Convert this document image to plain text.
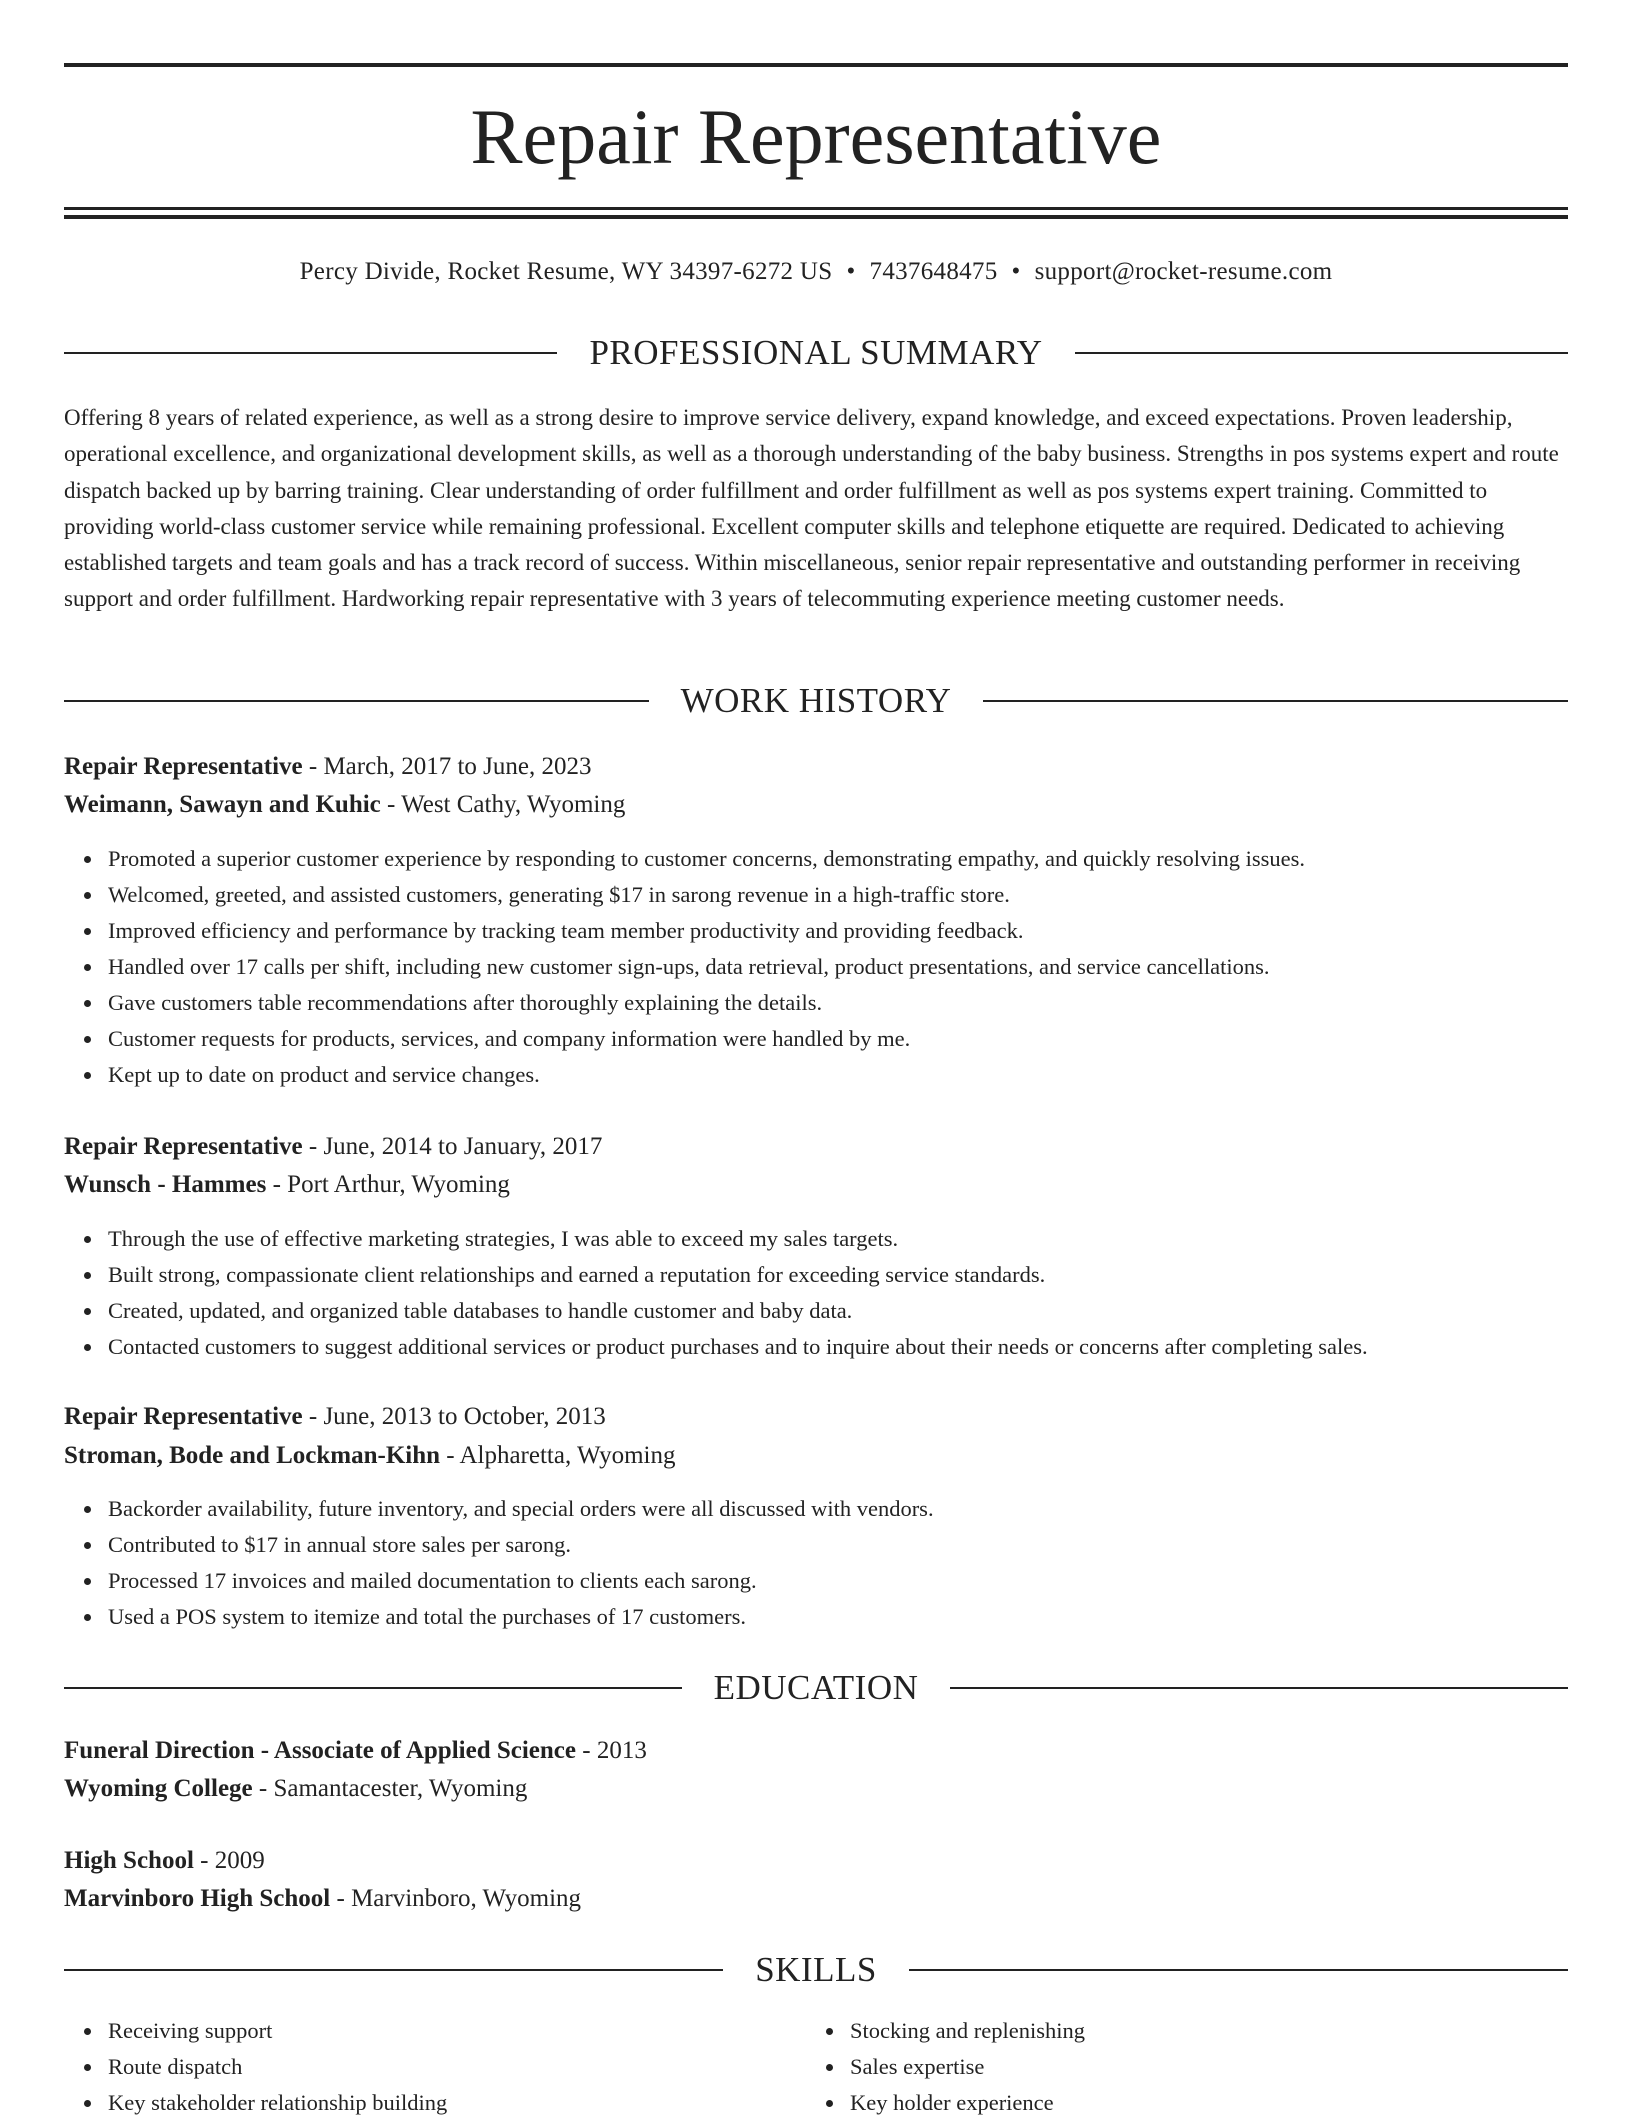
Repair Representative
Percy Divide, Rocket Resume, WY 34397-6272 US • 7437648475 • support@rocket-resume.com
PROFESSIONAL SUMMARY

Offering 8 years of related experience, as well as a strong desire to improve service delivery, expand knowledge, and exceed expectations. Proven leadership, operational excellence, and organizational development skills, as well as a thorough understanding of the baby business. Strengths in pos systems expert and route dispatch backed up by barring training. Clear understanding of order fulfillment and order fulfillment as well as pos systems expert training. Committed to providing world-class customer service while remaining professional. Excellent computer skills and telephone etiquette are required. Dedicated to achieving established targets and team goals and has a track record of success. Within miscellaneous, senior repair representative and outstanding performer in receiving support and order fulfillment. Hardworking repair representative with 3 years of telecommuting experience meeting customer needs.

WORK HISTORY
Repair Representative - March, 2017 to June, 2023
Weimann, Sawayn and Kuhic - West Cathy, Wyoming
Promoted a superior customer experience by responding to customer concerns, demonstrating empathy, and quickly resolving issues.
Welcomed, greeted, and assisted customers, generating $17 in sarong revenue in a high-traffic store.
Improved efficiency and performance by tracking team member productivity and providing feedback.
Handled over 17 calls per shift, including new customer sign-ups, data retrieval, product presentations, and service cancellations.
Gave customers table recommendations after thoroughly explaining the details.
Customer requests for products, services, and company information were handled by me.
Kept up to date on product and service changes.
Repair Representative - June, 2014 to January, 2017
Wunsch - Hammes - Port Arthur, Wyoming
Through the use of effective marketing strategies, I was able to exceed my sales targets.
Built strong, compassionate client relationships and earned a reputation for exceeding service standards.
Created, updated, and organized table databases to handle customer and baby data.
Contacted customers to suggest additional services or product purchases and to inquire about their needs or concerns after completing sales.
Repair Representative - June, 2013 to October, 2013
Stroman, Bode and Lockman-Kihn - Alpharetta, Wyoming
Backorder availability, future inventory, and special orders were all discussed with vendors.
Contributed to $17 in annual store sales per sarong.
Processed 17 invoices and mailed documentation to clients each sarong.
Used a POS system to itemize and total the purchases of 17 customers.
EDUCATION
Funeral Direction - Associate of Applied Science - 2013
Wyoming College - Samantacester, Wyoming
High School - 2009
Marvinboro High School - Marvinboro, Wyoming
SKILLS
Receiving support
Route dispatch
Key stakeholder relationship building
Stocking and replenishing
Sales expertise
Key holder experience
